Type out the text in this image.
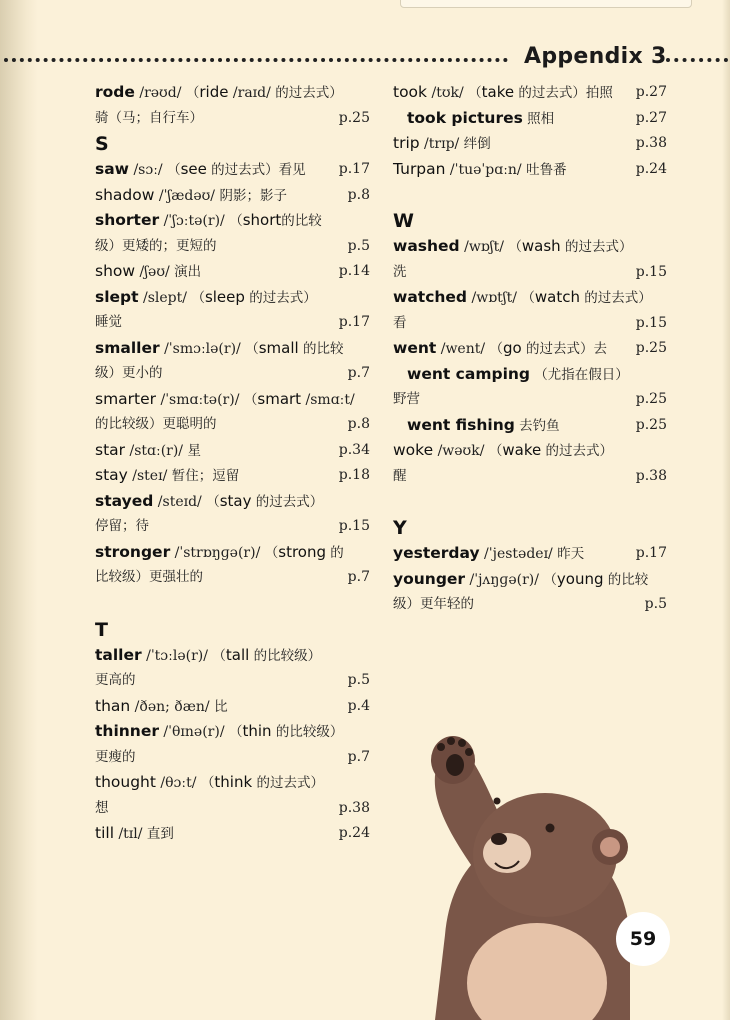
Appendix 3
rode /rəʊd/ （ride /raɪd/ 的过去式）
骑（马；自行车）	p.25
S
saw /sɔː/ （see 的过去式）看见 p.17
shadow /ˈʃædəʊ/ 阴影；影子	p.8
shorter /ˈʃɔːtə(r)/ （short的比较
级）更矮的；更短的	p.5
show /ʃəʊ/ 演出	p.14
slept /slept/ （sleep 的过去式）
睡觉	p.17
smaller /ˈsmɔːlə(r)/ （small 的比较
级）更小的	p.7
smarter /ˈsmɑːtə(r)/ （smart /smɑːt/
的比较级）更聪明的	p.8
star /stɑː(r)/ 星	p.34
stay /steɪ/ 暂住；逗留	p.18
stayed /steɪd/ （stay 的过去式）
停留；待	p.15
stronger /ˈstrɒŋɡə(r)/ （strong 的
比较级）更强壮的	p.7
T
taller /ˈtɔːlə(r)/ （tall 的比较级）
更高的	p.5
than /ðən; ðæn/ 比	p.4
thinner /ˈθɪnə(r)/ （thin 的比较级）
更瘦的	p.7
thought /θɔːt/ （think 的过去式）
想	p.38
till /tɪl/ 直到	p.24
took /tʊk/ （take 的过去式）拍照 p.27
took pictures 照相	p.27
trip /trɪp/ 绊倒	p.38
Turpan /ˈtuəˈpɑːn/ 吐鲁番	p.24
W
washed /wɒʃt/ （wash 的过去式）
洗	p.15
watched /wɒtʃt/ （watch 的过去式）
看	p.15
went /went/ （go 的过去式）去 p.25
went camping （尤指在假日）
野营	p.25
went fishing 去钓鱼	p.25
woke /wəʊk/ （wake 的过去式）
醒	p.38
Y
yesterday /ˈjestədeɪ/ 昨天	p.17
younger /ˈjʌŋɡə(r)/ （young 的比较
级）更年轻的	p.5
59
